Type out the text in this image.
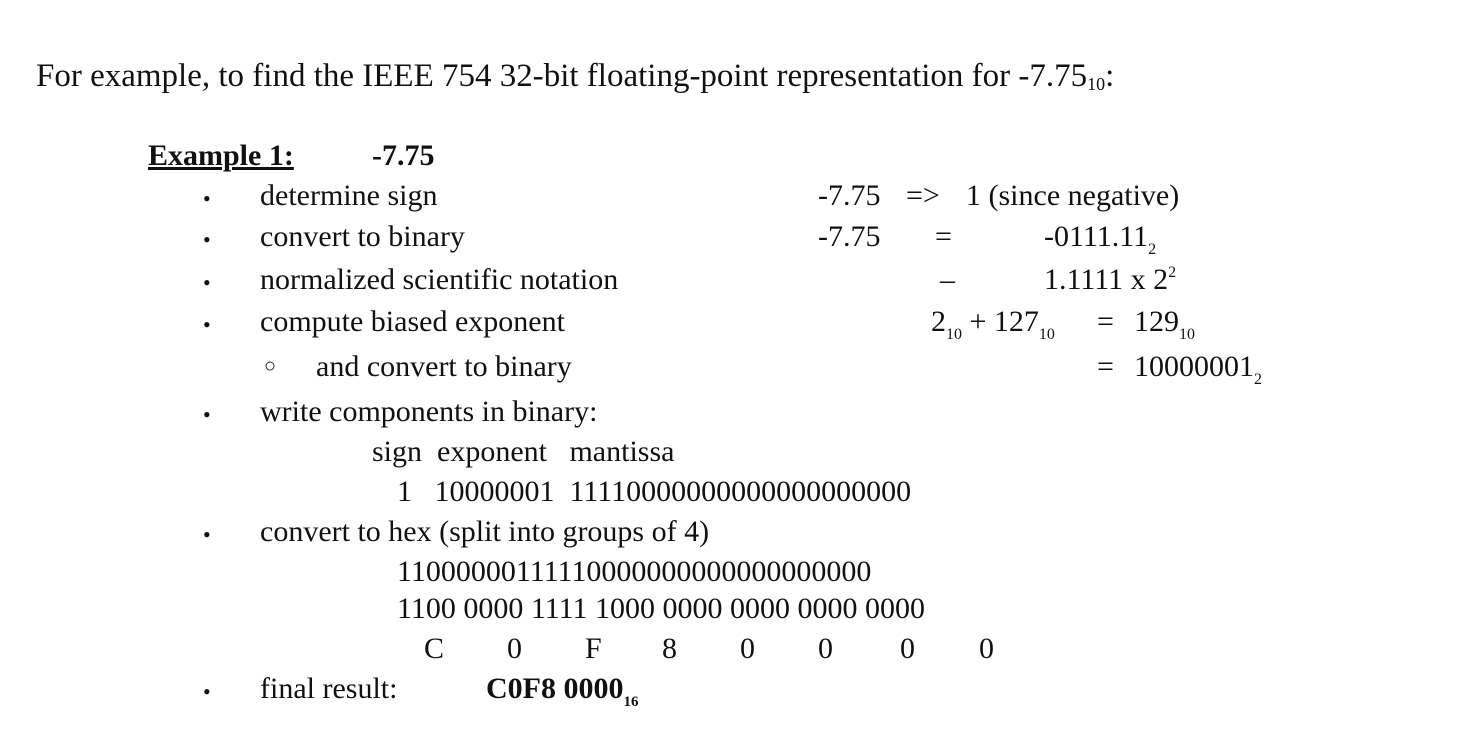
For example, to find the IEEE 754 32-bit floating-point representation for $-7.75_{10}$:
Example 1:	-7.75
• determine sign	-7.75 => 1 (since negative)
• convert to binary	-7.75 =	$-0111.11_2$
• normalized scientific notation	–	1.1111 x $2^2$
• compute biased exponent	$2_{10} + 127_{10} = 129_{10}$
○ and convert to binary	= $10000001_2$
• write components in binary:
sign  exponent   mantissa
1   10000001  11110000000000000000000
• convert to hex (split into groups of 4)
11000000111110000000000000000000
1100 0000 1111 1000 0000 0000 0000 0000
C 0 F 8 0 0 0 0
• final result:	C0F8 $0000_{16}$
